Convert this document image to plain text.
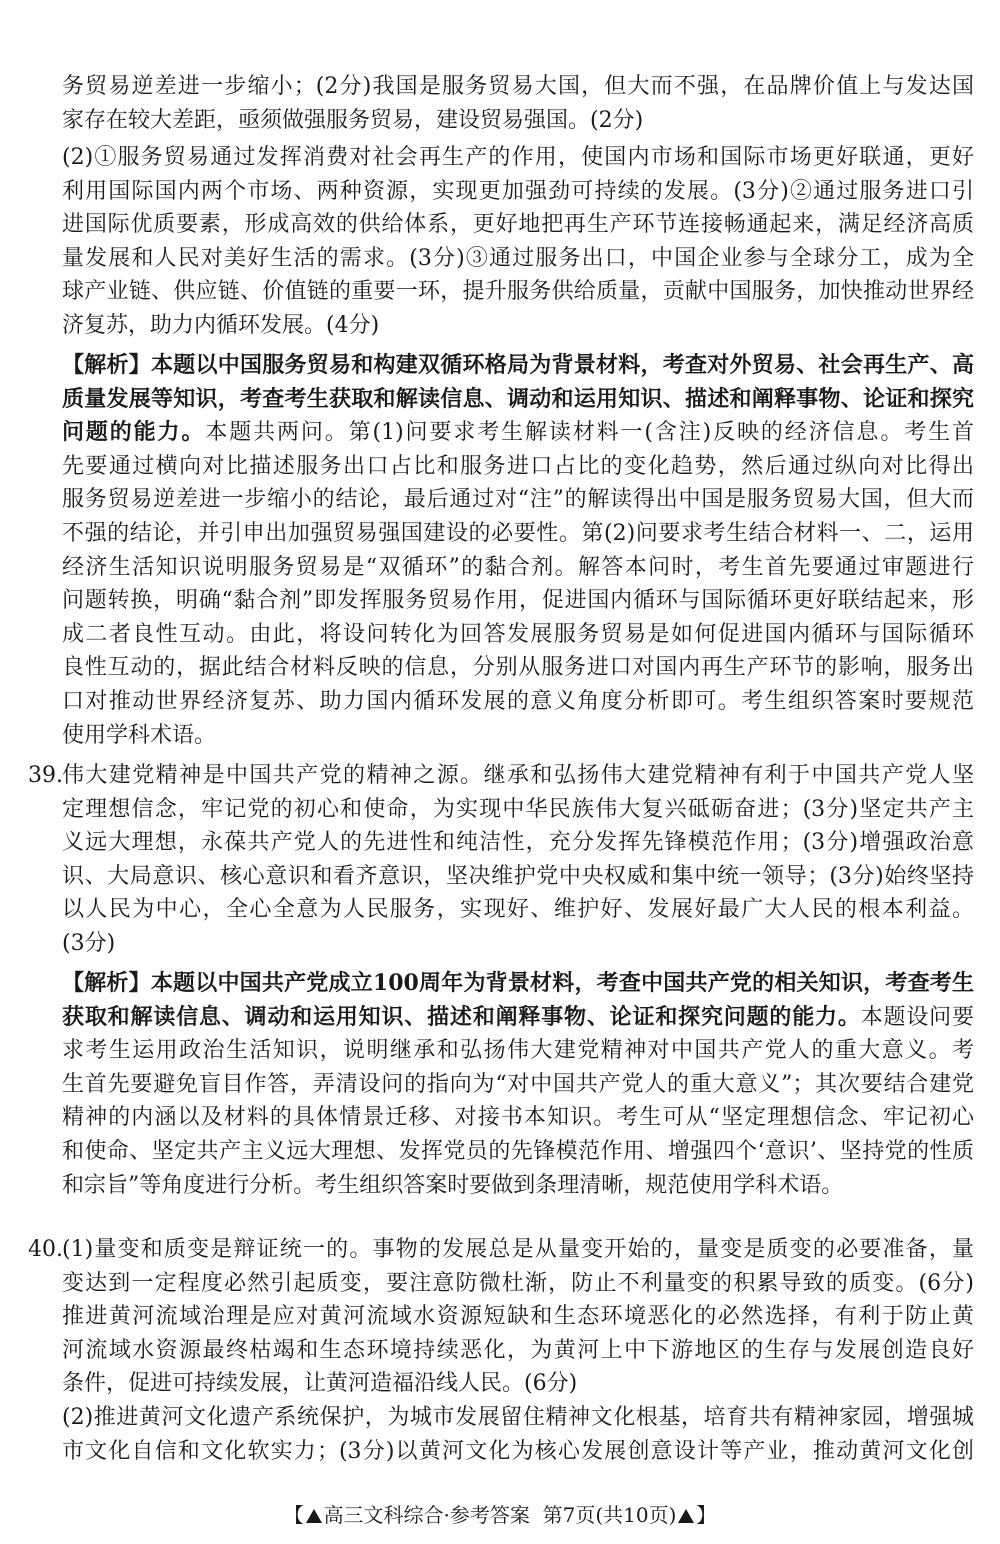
务贸易逆差进一步缩小；(2分)我国是服务贸易大国，但大而不强，在品牌价值上与发达国
家存在较大差距，亟须做强服务贸易，建设贸易强国。(2分)
(2)①服务贸易通过发挥消费对社会再生产的作用，使国内市场和国际市场更好联通，更好
利用国际国内两个市场、两种资源，实现更加强劲可持续的发展。(3分)②通过服务进口引
进国际优质要素，形成高效的供给体系，更好地把再生产环节连接畅通起来，满足经济高质
量发展和人民对美好生活的需求。(3分)③通过服务出口，中国企业参与全球分工，成为全
球产业链、供应链、价值链的重要一环，提升服务供给质量，贡献中国服务，加快推动世界经
济复苏，助力内循环发展。(4分)
【解析】本题以中国服务贸易和构建双循环格局为背景材料，考查对外贸易、社会再生产、高
质量发展等知识，考查考生获取和解读信息、调动和运用知识、描述和阐释事物、论证和探究
问题的能力。本题共两问。第(1)问要求考生解读材料一(含注)反映的经济信息。考生首
先要通过横向对比描述服务出口占比和服务进口占比的变化趋势，然后通过纵向对比得出
服务贸易逆差进一步缩小的结论，最后通过对“注”的解读得出中国是服务贸易大国，但大而
不强的结论，并引申出加强贸易强国建设的必要性。第(2)问要求考生结合材料一、二，运用
经济生活知识说明服务贸易是“双循环”的黏合剂。解答本问时，考生首先要通过审题进行
问题转换，明确“黏合剂”即发挥服务贸易作用，促进国内循环与国际循环更好联结起来，形
成二者良性互动。由此，将设问转化为回答发展服务贸易是如何促进国内循环与国际循环
良性互动的，据此结合材料反映的信息，分别从服务进口对国内再生产环节的影响，服务出
口对推动世界经济复苏、助力国内循环发展的意义角度分析即可。考生组织答案时要规范
使用学科术语。
39. 伟大建党精神是中国共产党的精神之源。继承和弘扬伟大建党精神有利于中国共产党人坚
定理想信念，牢记党的初心和使命，为实现中华民族伟大复兴砥砺奋进；(3分)坚定共产主
义远大理想，永葆共产党人的先进性和纯洁性，充分发挥先锋模范作用；(3分)增强政治意
识、大局意识、核心意识和看齐意识，坚决维护党中央权威和集中统一领导；(3分)始终坚持
以人民为中心，全心全意为人民服务，实现好、维护好、发展好最广大人民的根本利益。
(3分)
【解析】本题以中国共产党成立100周年为背景材料，考查中国共产党的相关知识，考查考生
获取和解读信息、调动和运用知识、描述和阐释事物、论证和探究问题的能力。本题设问要
求考生运用政治生活知识，说明继承和弘扬伟大建党精神对中国共产党人的重大意义。考
生首先要避免盲目作答，弄清设问的指向为“对中国共产党人的重大意义”；其次要结合建党
精神的内涵以及材料的具体情景迁移、对接书本知识。考生可从“坚定理想信念、牢记初心
和使命、坚定共产主义远大理想、发挥党员的先锋模范作用、增强四个‘意识’、坚持党的性质
和宗旨”等角度进行分析。考生组织答案时要做到条理清晰，规范使用学科术语。
40. (1)量变和质变是辩证统一的。事物的发展总是从量变开始的，量变是质变的必要准备，量
变达到一定程度必然引起质变，要注意防微杜渐，防止不利量变的积累导致的质变。(6分)
推进黄河流域治理是应对黄河流域水资源短缺和生态环境恶化的必然选择，有利于防止黄
河流域水资源最终枯竭和生态环境持续恶化，为黄河上中下游地区的生存与发展创造良好
条件，促进可持续发展，让黄河造福沿线人民。(6分)
(2)推进黄河文化遗产系统保护，为城市发展留住精神文化根基，培育共有精神家园，增强城
市文化自信和文化软实力；(3分)以黄河文化为核心发展创意设计等产业，推动黄河文化创
【 高三文科综合·参考答案 第7页(共10页) 】
